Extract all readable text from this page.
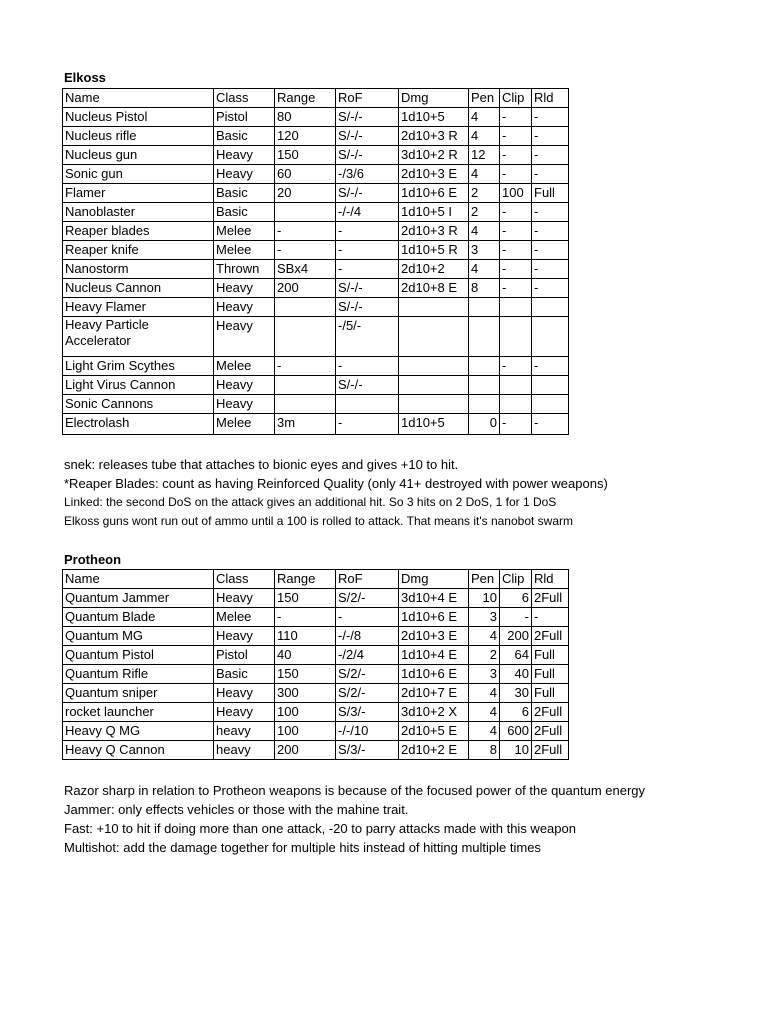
Elkoss
Name	Class	Range	RoF	Dmg	Pen	Clip	Rld
Nucleus Pistol	Pistol	80	S/-/-	1d10+5	4	-	-
Nucleus rifle	Basic	120	S/-/-	2d10+3 R	4	-	-
Nucleus gun	Heavy	150	S/-/-	3d10+2 R	12	-	-
Sonic gun	Heavy	60	-/3/6	2d10+3 E	4	-	-
Flamer	Basic	20	S/-/-	1d10+6 E	2	100	Full
Nanoblaster	Basic		-/-/4	1d10+5 I	2	-	-
Reaper blades	Melee	-	-	2d10+3 R	4	-	-
Reaper knife	Melee	-	-	1d10+5 R	3	-	-
Nanostorm	Thrown	SBx4	-	2d10+2	4	-	-
Nucleus Cannon	Heavy	200	S/-/-	2d10+8 E	8	-	-
Heavy Flamer	Heavy		S/-/-				
Heavy Particle Accelerator	Heavy		-/5/-				
Light Grim Scythes	Melee	-	-			-	-
Light Virus Cannon	Heavy		S/-/-				
Sonic Cannons	Heavy						
Electrolash	Melee	3m	-	1d10+5	0	-	-
snek: releases tube that attaches to bionic eyes and gives +10 to hit.
*Reaper Blades: count as having Reinforced Quality (only 41+ destroyed with power weapons)
Linked: the second DoS on the attack gives an additional hit. So 3 hits on 2 DoS, 1 for 1 DoS
Elkoss guns wont run out of ammo until a 100 is rolled to attack. That means it's nanobot swarm
Protheon
Name	Class	Range	RoF	Dmg	Pen	Clip	Rld
Quantum Jammer	Heavy	150	S/2/-	3d10+4 E	10	6	2Full
Quantum Blade	Melee	-	-	1d10+6 E	3	-	-
Quantum MG	Heavy	110	-/-/8	2d10+3 E	4	200	2Full
Quantum Pistol	Pistol	40	-/2/4	1d10+4 E	2	64	Full
Quantum Rifle	Basic	150	S/2/-	1d10+6 E	3	40	Full
Quantum sniper	Heavy	300	S/2/-	2d10+7 E	4	30	Full
rocket launcher	Heavy	100	S/3/-	3d10+2 X	4	6	2Full
Heavy Q MG	heavy	100	-/-/10	2d10+5 E	4	600	2Full
Heavy Q Cannon	heavy	200	S/3/-	2d10+2 E	8	10	2Full
Razor sharp in relation to Protheon weapons is because of the focused power of the quantum energy
Jammer: only effects vehicles or those with the mahine trait.
Fast: +10 to hit if doing more than one attack, -20 to parry attacks made with this weapon
Multishot: add the damage together for multiple hits instead of hitting multiple times
